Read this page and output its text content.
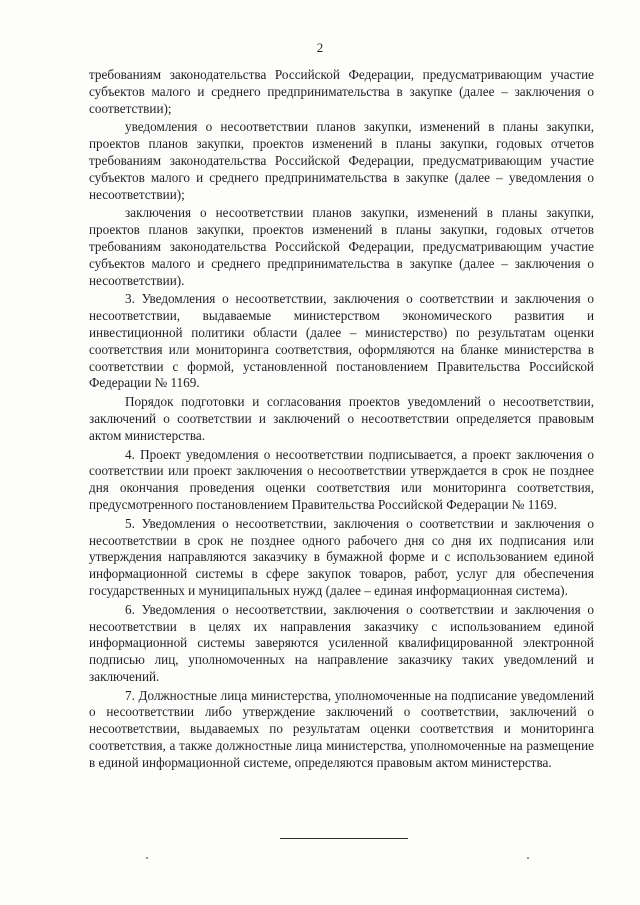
2

требованиям законодательства Российской Федерации, предусматривающим участие субъектов малого и среднего предпринимательства в закупке (далее – заключения о соответствии);

уведомления о несоответствии планов закупки, изменений в планы закупки, проектов планов закупки, проектов изменений в планы закупки, годовых отчетов требованиям законодательства Российской Федерации, предусматривающим участие субъектов малого и среднего предпринимательства в закупке (далее – уведомления о несоответствии);

заключения о несоответствии планов закупки, изменений в планы закупки, проектов планов закупки, проектов изменений в планы закупки, годовых отчетов требованиям законодательства Российской Федерации, предусматривающим участие субъектов малого и среднего предпринимательства в закупке (далее – заключения о несоответствии).

3. Уведомления о несоответствии, заключения о соответствии и заключения о несоответствии, выдаваемые министерством экономического развития и инвестиционной политики области (далее – министерство) по результатам оценки соответствия или мониторинга соответствия, оформляются на бланке министерства в соответствии с формой, установленной постановлением Правительства Российской Федерации № 1169.

Порядок подготовки и согласования проектов уведомлений о несоответствии, заключений о соответствии и заключений о несоответствии определяется правовым актом министерства.

4. Проект уведомления о несоответствии подписывается, а проект заключения о соответствии или проект заключения о несоответствии утверждается в срок не позднее дня окончания проведения оценки соответствия или мониторинга соответствия, предусмотренного постановлением Правительства Российской Федерации № 1169.

5. Уведомления о несоответствии, заключения о соответствии и заключения о несоответствии в срок не позднее одного рабочего дня со дня их подписания или утверждения направляются заказчику в бумажной форме и с использованием единой информационной системы в сфере закупок товаров, работ, услуг для обеспечения государственных и муниципальных нужд (далее – единая информационная система).

6. Уведомления о несоответствии, заключения о соответствии и заключения о несоответствии в целях их направления заказчику с использованием единой информационной системы заверяются усиленной квалифицированной электронной подписью лиц, уполномоченных на направление заказчику таких уведомлений и заключений.

7. Должностные лица министерства, уполномоченные на подписание уведомлений о несоответствии либо утверждение заключений о соответствии, заключений о несоответствии, выдаваемых по результатам оценки соответствия и мониторинга соответствия, а также должностные лица министерства, уполномоченные на размещение в единой информационной системе, определяются правовым актом министерства.
